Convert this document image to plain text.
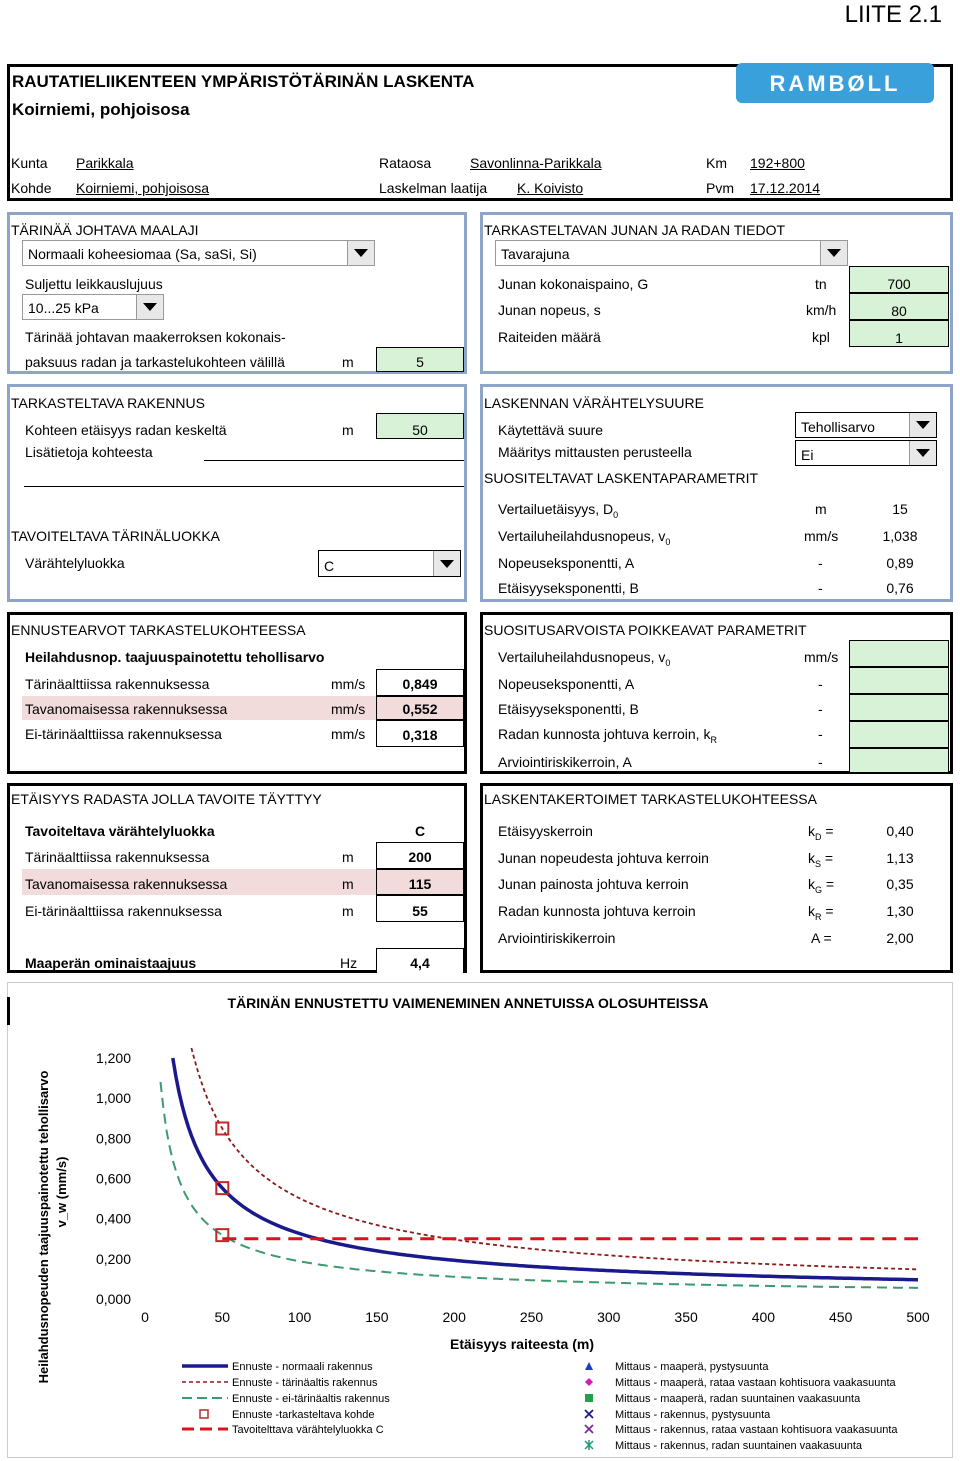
LIITE 2.1
RAUTATIELIIKENTEEN YMPÄRISTÖTÄRINÄN LASKENTA
Koirniemi, pohjoisosa
RAMBØLL
Kunta Parikkala	Rataosa	Savonlinna-Parikkala	Km 192+800
Kohde Koirniemi, pohjoisosa	Laskelman laatija K. Koivisto	Pvm 17.12.2014
TÄRINÄÄ JOHTAVA MAALAJI
Normaali koheesiomaa (Sa, saSi, Si)
Suljettu leikkauslujuus
10...25 kPa
Tärinää johtavan maakerroksen kokonais-
paksuus radan ja tarkastelukohteen välillä	m	5
TARKASTELTAVAN JUNAN JA RADAN TIEDOT
Tavarajuna
Junan kokonaispaino, G	tn	700
Junan nopeus, s	km/h	80
Raiteiden määrä	kpl	1
TARKASTELTAVA RAKENNUS
Kohteen etäisyys radan keskeltä	m	50
Lisätietoja kohteesta
TAVOITELTAVA TÄRINÄLUOKKA
Värähtelyluokka	C
LASKENNAN VÄRÄHTELYSUURE
Käytettävä suure	Tehollisarvo
Määritys mittausten perusteella	Ei
SUOSITELTAVAT LASKENTAPARAMETRIT
Vertailuetäisyys, $D_0$	m	15
Vertailuheilahdusnopeus, $v_0$	mm/s	1,038
Nopeuseksponentti, A	-	0,89
Etäisyyseksponentti, B	-	0,76
ENNUSTEARVOT TARKASTELUKOHTEESSA
Heilahdusnop. taajuuspainotettu tehollisarvo
Tärinäalttiissa rakennuksessa	mm/s	0,849
Tavanomaisessa rakennuksessa	mm/s	0,552
Ei-tärinäalttiissa rakennuksessa	mm/s	0,318
SUOSITUSARVOISTA POIKKEAVAT PARAMETRIT
Vertailuheilahdusnopeus, $v_0$	mm/s
Nopeuseksponentti, A	-
Etäisyyseksponentti, B	-
Radan kunnosta johtuva kerroin, $k_R$	-
Arviointiriskikerroin, A	-
ETÄISYYS RADASTA JOLLA TAVOITE TÄYTTYY
Tavoiteltava värähtelyluokka	C
Tärinäalttiissa rakennuksessa	m	200
Tavanomaisessa rakennuksessa	m	115
Ei-tärinäalttiissa rakennuksessa	m	55
Maaperän ominaistaajuus	Hz	4,4
LASKENTAKERTOIMET TARKASTELUKOHTEESSA
Etäisyyskerroin	$k_D$ =	0,40
Junan nopeudesta johtuva kerroin	$k_S$ =	1,13
Junan painosta johtuva kerroin	$k_G$ =	0,35
Radan kunnosta johtuva kerroin	$k_R$ =	1,30
Arviointiriskikerroin	A =	2,00
TÄRINÄN ENNUSTETTU VAIMENEMINEN ANNETUISSA OLOSUHTEISSA
0,000
0,200
0,400
0,600
0,800
1,000
1,200
0	50	100	150	200	250	300	350	400	450	500
Etäisyys raiteesta (m)
Heilahdusnopeuden taajuuspainotettu tehollisarvo v_w (mm/s)
Ennuste - normaali rakennus
Ennuste - tärinäaltis rakennus
Ennuste - ei-tärinäaltis rakennus
Ennuste -tarkasteltava kohde
Tavoitelttava värähtelyluokka C
Mittaus - maaperä, pystysuunta
Mittaus - maaperä, rataa vastaan kohtisuora vaakasuunta
Mittaus - maaperä, radan suuntainen vaakasuunta
Mittaus - rakennus, pystysuunta
Mittaus - rakennus, rataa vastaan kohtisuora vaakasuunta
Mittaus - rakennus, radan suuntainen vaakasuunta
